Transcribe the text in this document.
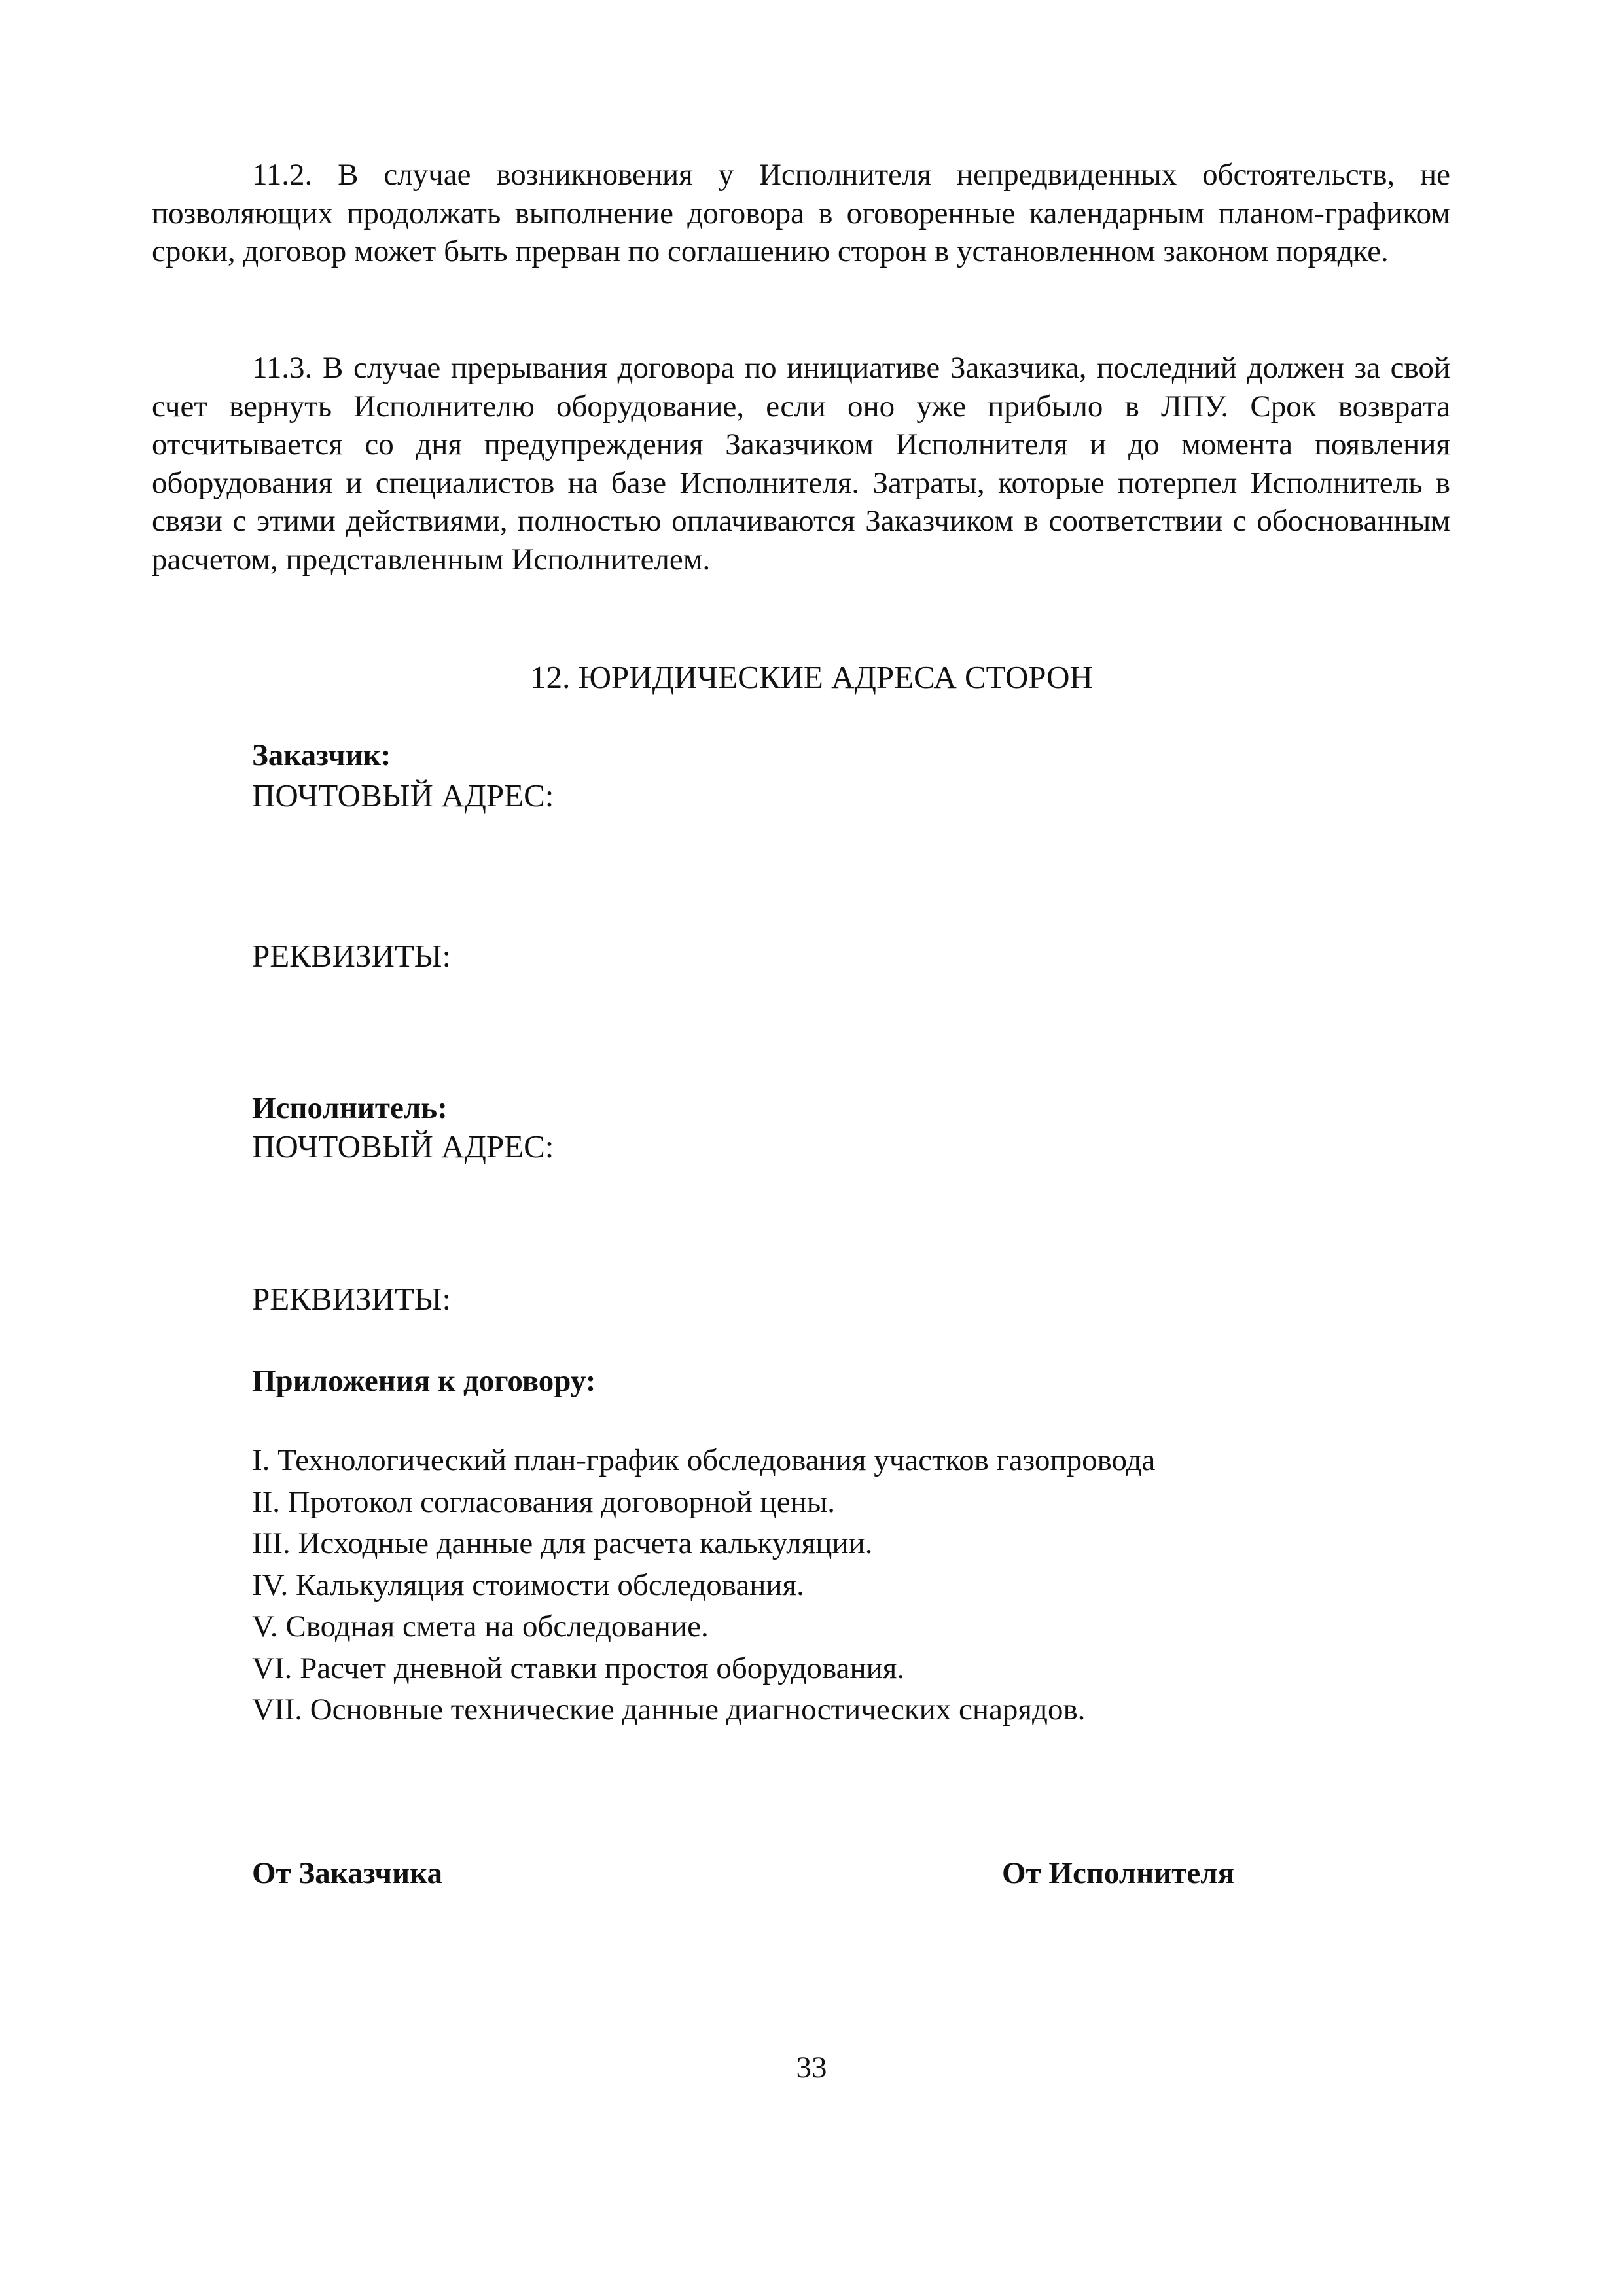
11.2. В случае возникновения у Исполнителя непредвиденных обстоятельств, не позволяющих продолжать выполнение договора в оговоренные календарным планом-графиком сроки, договор может быть прерван по соглашению сторон в установленном законом порядке.

11.3. В случае прерывания договора по инициативе Заказчика, последний должен за свой счет вернуть Исполнителю оборудование, если оно уже прибыло в ЛПУ. Срок возврата отсчитывается со дня предупреждения Заказчиком Исполнителя и до момента появления оборудования и специалистов на базе Исполнителя. Затраты, которые потерпел Исполнитель в связи с этими действиями, полностью оплачиваются Заказчиком в соответствии с обоснованным расчетом, представленным Исполнителем.

12. ЮРИДИЧЕСКИЕ АДРЕСА СТОРОН
Заказчик:
ПОЧТОВЫЙ АДРЕС:
РЕКВИЗИТЫ:
Исполнитель:
ПОЧТОВЫЙ АДРЕС:
РЕКВИЗИТЫ:
Приложения к договору:
I. Технологический план-график обследования участков газопровода
II. Протокол согласования договорной цены.
III. Исходные данные для расчета калькуляции.
IV. Калькуляция стоимости обследования.
V. Сводная смета на обследование.
VI. Расчет дневной ставки простоя оборудования.
VII. Основные технические данные диагностических снарядов.
От Заказчика	От Исполнителя
33
